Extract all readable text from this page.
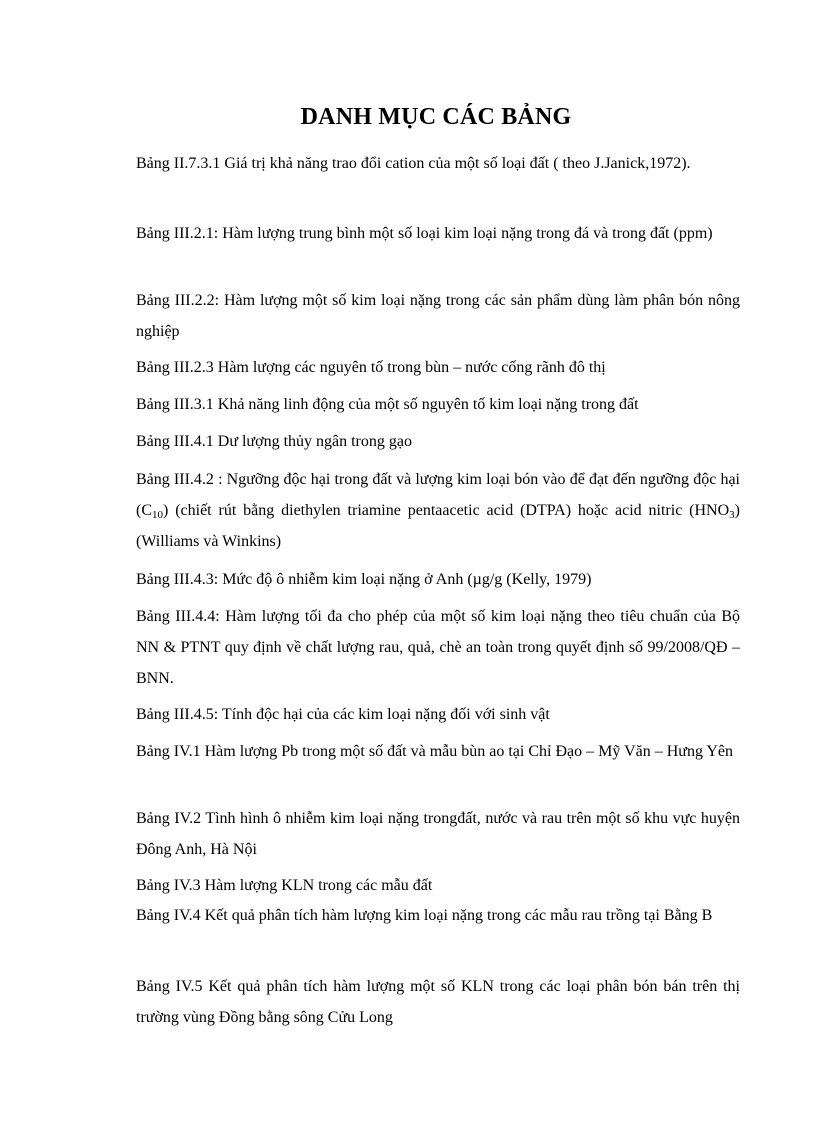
DANH MỤC CÁC BẢNG
Bảng II.7.3.1 Giá trị khả năng trao đổi cation của một số loại đất ( theo J.Janick,1972).
Bảng III.2.1: Hàm lượng trung bình một số loại kim loại nặng trong đá và trong đất (ppm)
Bảng III.2.2: Hàm lượng một số kim loại nặng trong các sản phẩm dùng làm phân bón nông nghiệp
Bảng III.2.3 Hàm lượng các nguyên tố trong bùn – nước cống rãnh đô thị
Bảng III.3.1 Khả năng linh động của một số nguyên tố kim loại nặng trong đất
Bảng III.4.1 Dư lượng thủy ngân trong gạo
Bảng III.4.2 : Ngưỡng độc hại trong đất và lượng kim loại bón vào để đạt đến ngưỡng độc hại $(C_{10})$ (chiết rút bằng diethylen triamine pentaacetic acid (DTPA) hoặc acid nitric $(HNO_3)$ (Williams và Winkins)
Bảng III.4.3: Mức độ ô nhiễm kim loại nặng ở Anh (µg/g (Kelly, 1979)
Bảng III.4.4: Hàm lượng tối đa cho phép của một số kim loại nặng theo tiêu chuẩn của Bộ NN & PTNT quy định về chất lượng rau, quả, chè an toàn trong quyết định số 99/2008/QĐ – BNN.
Bảng III.4.5: Tính độc hại của các kim loại nặng đối với sinh vật
Bảng IV.1 Hàm lượng Pb trong một số đất và mẫu bùn ao tại Chỉ Đạo – Mỹ Văn – Hưng Yên
Bảng IV.2 Tình hình ô nhiễm kim loại nặng trongđất, nước và rau trên một số khu vực huyện Đông Anh, Hà Nội
Bảng IV.3 Hàm lượng KLN trong các mẫu đất
Bảng IV.4 Kết quả phân tích hàm lượng kim loại nặng trong các mẫu rau trồng tại Bằng B
Bảng IV.5 Kết quả phân tích hàm lượng một số KLN trong các loại phân bón bán trên thị trường vùng Đồng bằng sông Cửu Long
